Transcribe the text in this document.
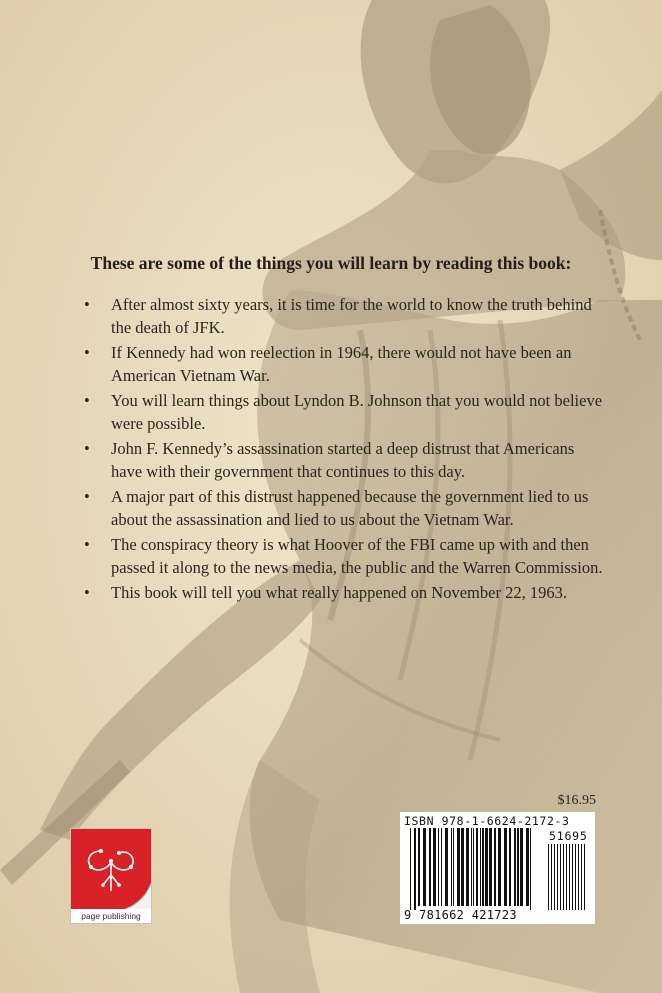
These are some of the things you will learn by reading this book:
• After almost sixty years, it is time for the world to know the truth behind the death of JFK.
• If Kennedy had won reelection in 1964, there would not have been an American Vietnam War.
• You will learn things about Lyndon B. Johnson that you would not believe were possible.
• John F. Kennedy’s assassination started a deep distrust that Americans have with their government that continues to this day.
• A major part of this distrust happened because the government lied to us about the assassination and lied to us about the Vietnam War.
• The conspiracy theory is what Hoover of the FBI came up with and then passed it along to the news media, the public and the Warren Commission.
• This book will tell you what really happened on November 22, 1963.
$16.95
ISBN 978-1-6624-2172-3
51695
9 781662 421723
page publishing
